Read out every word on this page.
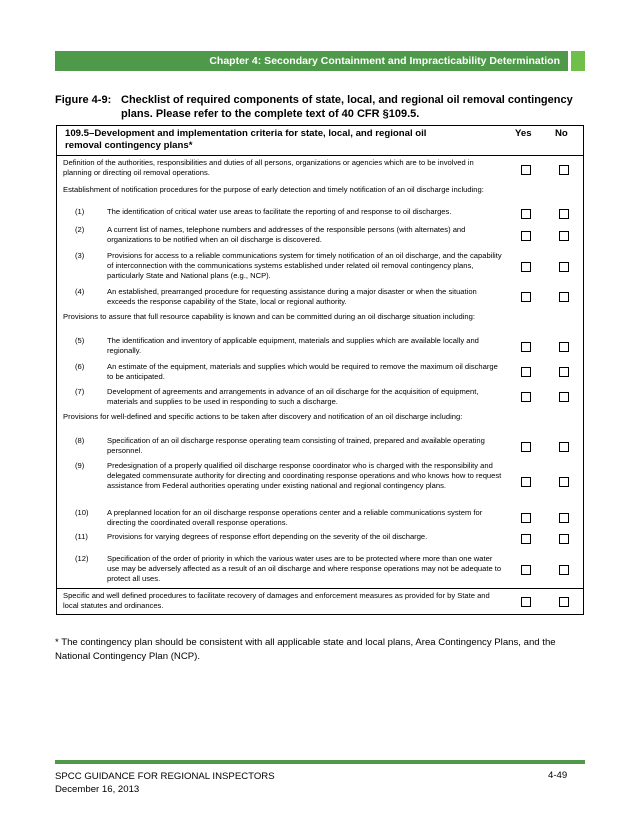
Chapter 4: Secondary Containment and Impracticability Determination
Figure 4-9: Checklist of required components of state, local, and regional oil removal contingency plans. Please refer to the complete text of 40 CFR §109.5.
109.5–Development and implementation criteria for state, local, and regional oil removal contingency plans*
Yes No
Definition of the authorities, responsibilities and duties of all persons, organizations or agencies which are to be involved in planning or directing oil removal operations.
Establishment of notification procedures for the purpose of early detection and timely notification of an oil discharge including:
(1)	The identification of critical water use areas to facilitate the reporting of and response to oil discharges.
(2)	A current list of names, telephone numbers and addresses of the responsible persons (with alternates) and organizations to be notified when an oil discharge is discovered.
(3)	Provisions for access to a reliable communications system for timely notification of an oil discharge, and the capability of interconnection with the communications systems established under related oil removal contingency plans, particularly State and National plans (e.g., NCP).
(4)	An established, prearranged procedure for requesting assistance during a major disaster or when the situation exceeds the response capability of the State, local or regional authority.
Provisions to assure that full resource capability is known and can be committed during an oil discharge situation including:
(5)	The identification and inventory of applicable equipment, materials and supplies which are available locally and regionally.
(6)	An estimate of the equipment, materials and supplies which would be required to remove the maximum oil discharge to be anticipated.
(7)	Development of agreements and arrangements in advance of an oil discharge for the acquisition of equipment, materials and supplies to be used in responding to such a discharge.
Provisions for well-defined and specific actions to be taken after discovery and notification of an oil discharge including:
(8)	Specification of an oil discharge response operating team consisting of trained, prepared and available operating personnel.
(9)	Predesignation of a properly qualified oil discharge response coordinator who is charged with the responsibility and delegated commensurate authority for directing and coordinating response operations and who knows how to request assistance from Federal authorities operating under existing national and regional contingency plans.
(10)	A preplanned location for an oil discharge response operations center and a reliable communications system for directing the coordinated overall response operations.
(11)	Provisions for varying degrees of response effort depending on the severity of the oil discharge.
(12)	Specification of the order of priority in which the various water uses are to be protected where more than one water use may be adversely affected as a result of an oil discharge and where response operations may not be adequate to protect all uses.
Specific and well defined procedures to facilitate recovery of damages and enforcement measures as provided for by State and local statutes and ordinances.
* The contingency plan should be consistent with all applicable state and local plans, Area Contingency Plans, and the National Contingency Plan (NCP).
SPCC GUIDANCE FOR REGIONAL INSPECTORS
December 16, 2013
4-49
